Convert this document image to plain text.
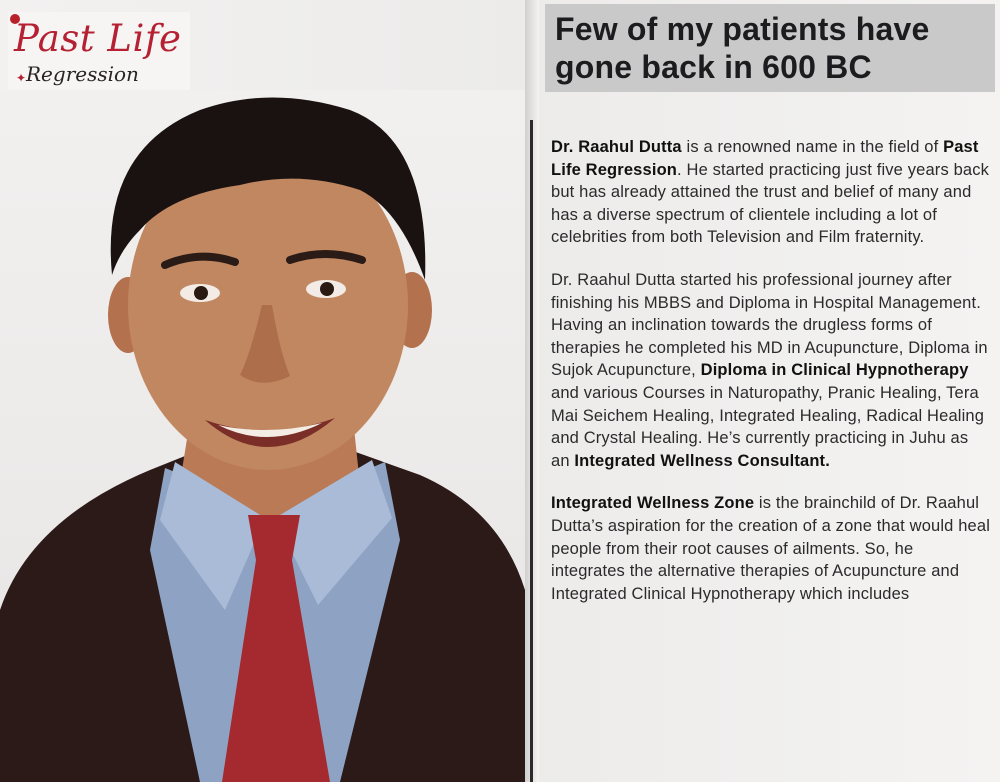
Past Life

✦ Regression

Few of my patients have
gone back in 600 BC

Dr. Raahul Dutta is a renowned name in the field of Past Life Regression. He started practicing just five years back but has already attained the trust and belief of many and has a diverse spectrum of clientele including a lot of celebrities from both Television and Film fraternity.

Dr. Raahul Dutta started his professional journey after finishing his MBBS and Diploma in Hospital Management. Having an inclination towards the drugless forms of therapies he completed his MD in Acupuncture, Diploma in Sujok Acupuncture, Diploma in Clinical Hypnotherapy and various Courses in Naturopathy, Pranic Healing, Tera Mai Seichem Healing, Integrated Healing, Radical Healing and Crystal Healing. He’s currently practicing in Juhu as an Integrated Wellness Consultant.

Integrated Wellness Zone is the brainchild of Dr. Raahul Dutta’s aspiration for the creation of a zone that would heal people from their root causes of ailments. So, he integrates the alternative therapies of Acupuncture and Integrated Clinical Hypnotherapy which includes
